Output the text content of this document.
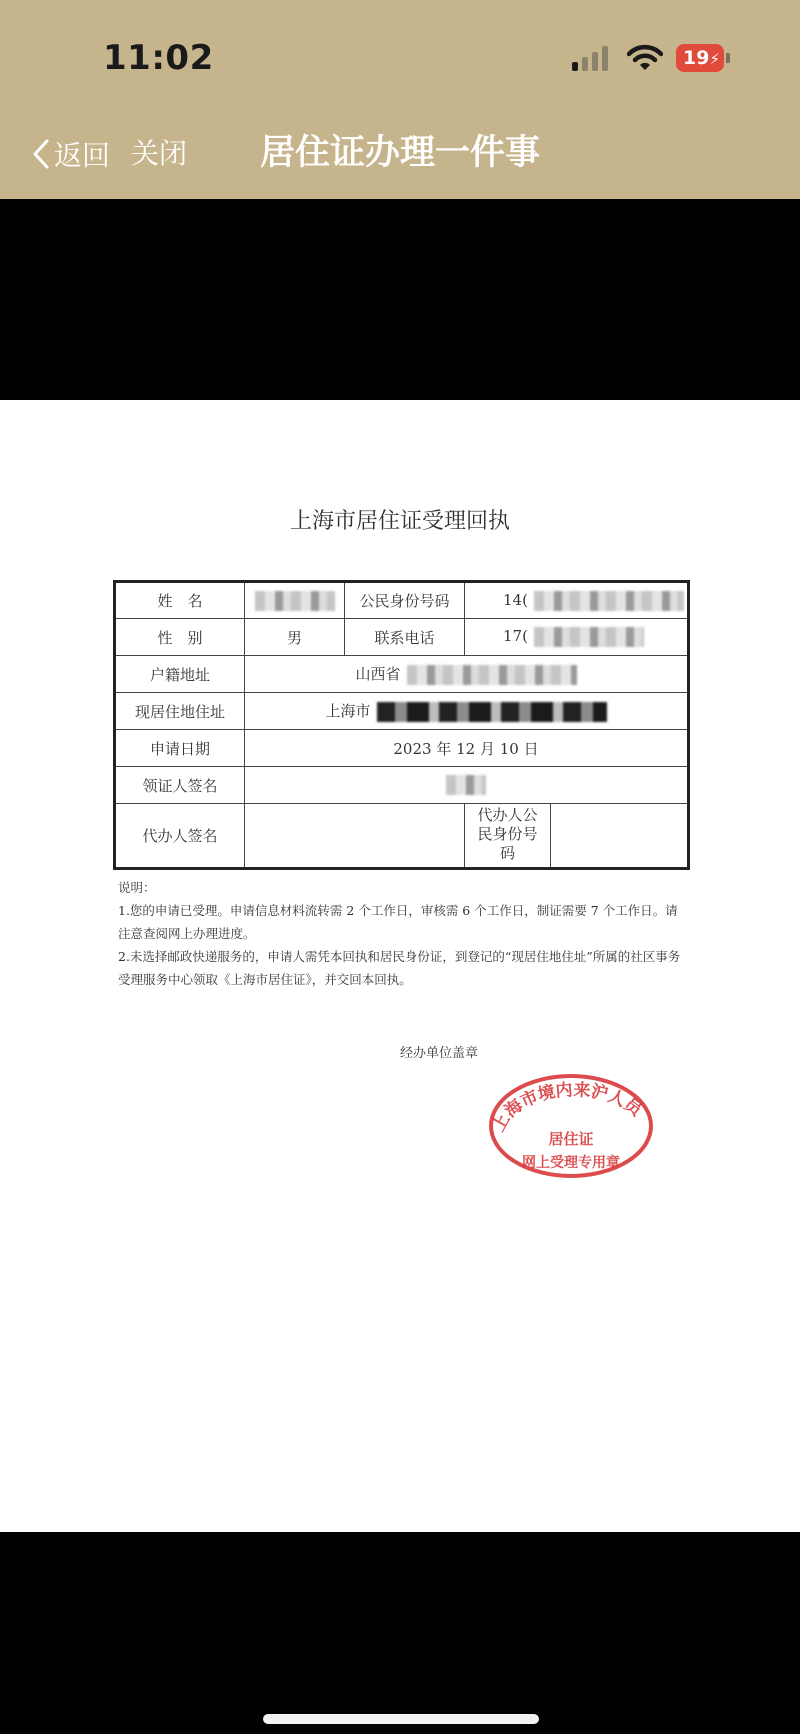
11:02	19⚡
返回 关闭 居住证办理一件事
上海市居住证受理回执
姓　名		公民身份号码	14(
性　别	男	联系电话	17(
户籍地址	山西省		
现居住地住址	上海市		
申请日期	2023 年 12 月 10 日		
领证人签名			
代办人签名			代办人公民身份号码

说明：

1.您的申请已受理。申请信息材料流转需 2 个工作日，审核需 6 个工作日，制证需要 7 个工作日。请注意查阅网上办理进度。

2.未选择邮政快递服务的，申请人需凭本回执和居民身份证，到登记的“现居住地住址”所属的社区事务受理服务中心领取《上海市居住证》，并交回本回执。

经办单位盖章
上海市境内来沪人员
居住证
网上受理专用章
